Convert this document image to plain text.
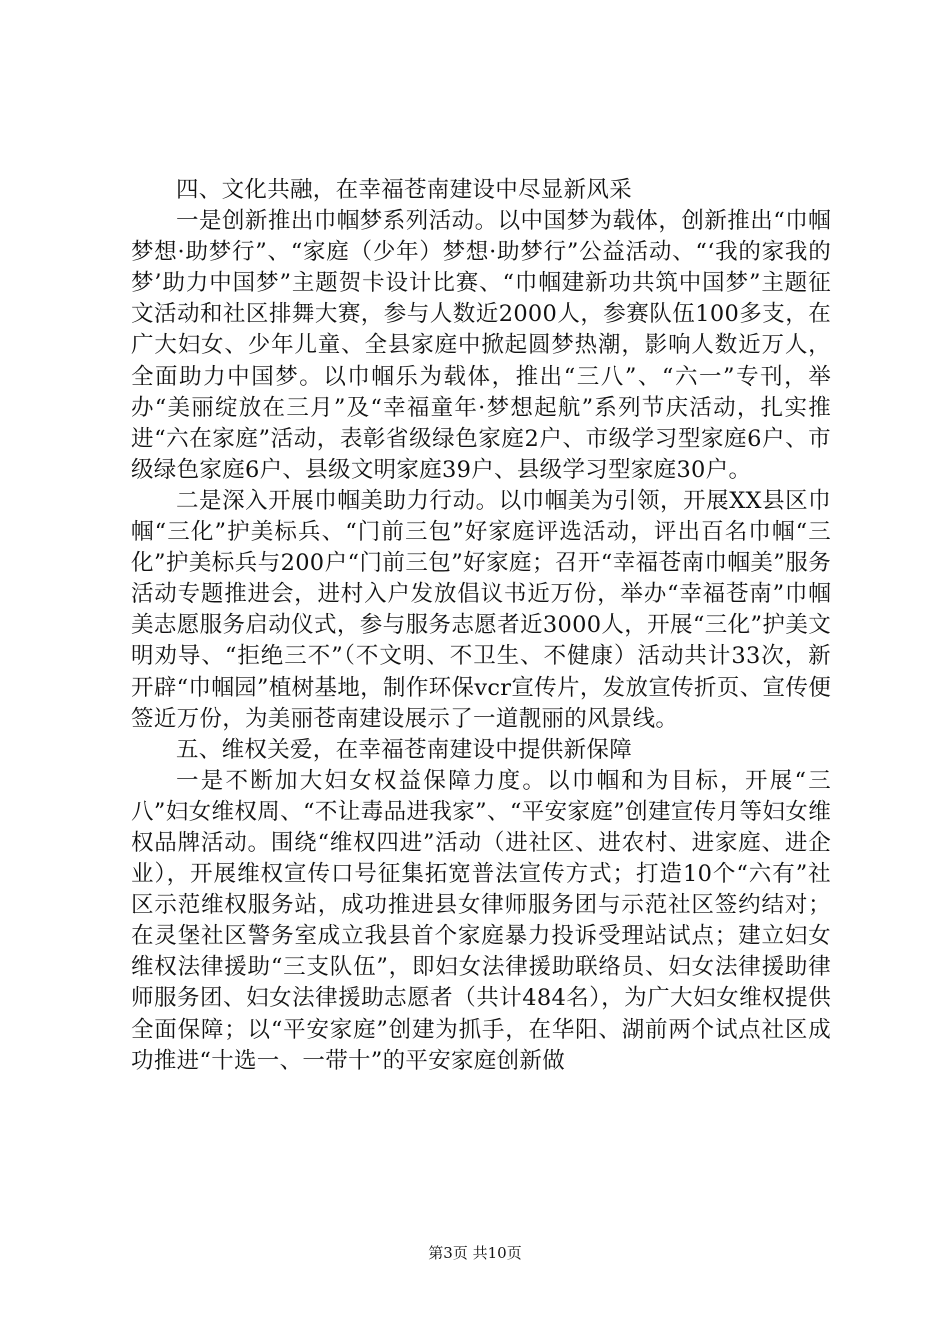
四、文化共融，在幸福苍南建设中尽显新风采

一是创新推出巾帼梦系列活动。以中国梦为载体，创新推出“巾帼梦想·助梦行”、“家庭（少年）梦想·助梦行”公益活动、“‘我的家我的梦’助力中国梦”主题贺卡设计比赛、“巾帼建新功共筑中国梦”主题征文活动和社区排舞大赛，参与人数近2000人，参赛队伍100多支，在广大妇女、少年儿童、全县家庭中掀起圆梦热潮，影响人数近万人，全面助力中国梦。以巾帼乐为载体，推出“三八”、“六一”专刊，举办“美丽绽放在三月”及“幸福童年·梦想起航”系列节庆活动，扎实推进“六在家庭”活动，表彰省级绿色家庭2户、市级学习型家庭6户、市级绿色家庭6户、县级文明家庭39户、县级学习型家庭30户。

二是深入开展巾帼美助力行动。以巾帼美为引领，开展XX县区巾帼“三化”护美标兵、“门前三包”好家庭评选活动，评出百名巾帼“三化”护美标兵与200户“门前三包”好家庭；召开“幸福苍南巾帼美”服务活动专题推进会，进村入户发放倡议书近万份，举办“幸福苍南”巾帼美志愿服务启动仪式，参与服务志愿者近3000人，开展“三化”护美文明劝导、“拒绝三不”（不文明、不卫生、不健康）活动共计33次，新开辟“巾帼园”植树基地，制作环保vcr宣传片，发放宣传折页、宣传便签近万份，为美丽苍南建设展示了一道靓丽的风景线。

五、维权关爱，在幸福苍南建设中提供新保障

一是不断加大妇女权益保障力度。以巾帼和为目标，开展“三八”妇女维权周、“不让毒品进我家”、“平安家庭”创建宣传月等妇女维权品牌活动。围绕“维权四进”活动（进社区、进农村、进家庭、进企业），开展维权宣传口号征集拓宽普法宣传方式；打造10个“六有”社区示范维权服务站，成功推进县女律师服务团与示范社区签约结对；在灵堡社区警务室成立我县首个家庭暴力投诉受理站试点；建立妇女维权法律援助“三支队伍”，即妇女法律援助联络员、妇女法律援助律师服务团、妇女法律援助志愿者（共计484名），为广大妇女维权提供全面保障；以“平安家庭”创建为抓手，在华阳、湖前两个试点社区成功推进“十选一、一带十”的平安家庭创新做

第3页 共10页
